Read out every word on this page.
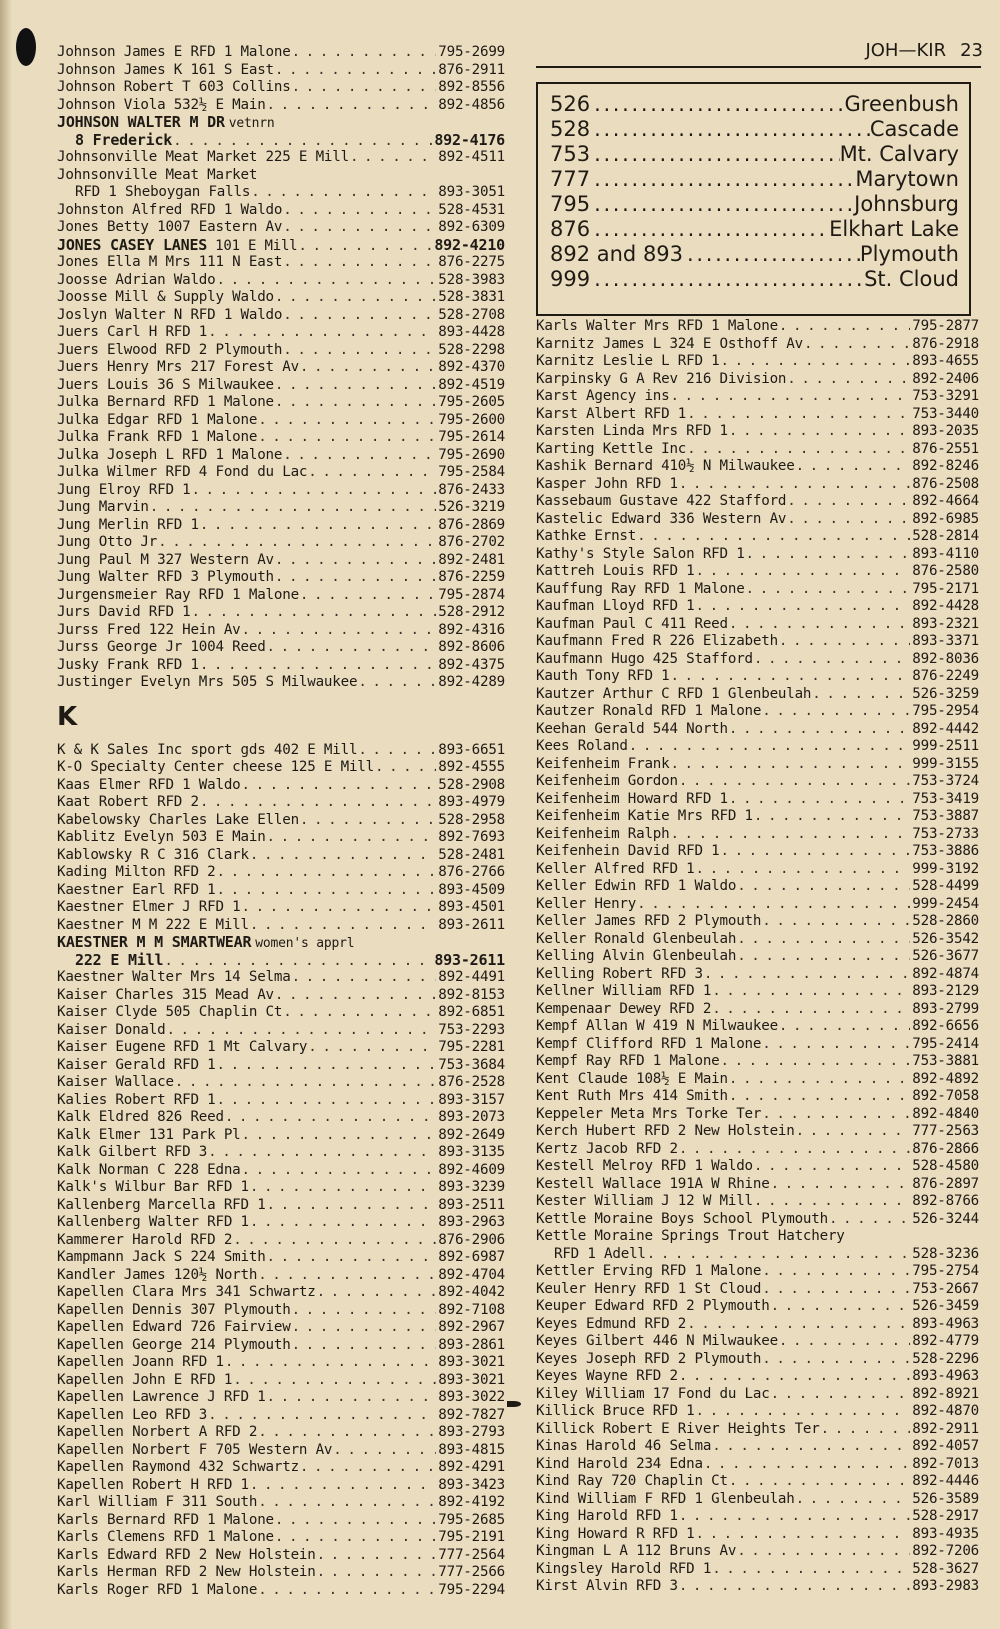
JOH—KIR 23
526 . . .	Greenbush
528 . . .	Cascade
753 . . .	Mt. Calvary
777 . . .	Marytown
795 . . .	Johnsburg
876 . . .	Elkhart Lake
892 and 893 . . .	Plymouth
999 . . .	St. Cloud
Johnson James E RFD 1 Malone . . .	795-2699
Johnson James K 161 S East . . .	876-2911
Johnson Robert T 603 Collins . . .	892-8556
Johnson Viola 532½ E Main . . .	892-4856
JOHNSON WALTER M DR vetnrn
8 Frederick . . .	892-4176
Johnsonville Meat Market 225 E Mill . . .	892-4511
Johnsonville Meat Market
RFD 1 Sheboygan Falls . . .	893-3051
Johnston Alfred RFD 1 Waldo . . .	528-4531
Jones Betty 1007 Eastern Av . . .	892-6309
JONES CASEY LANES 101 E Mill . . .	892-4210
Jones Ella M Mrs 111 N East . . .	876-2275
Joosse Adrian Waldo . . .	528-3983
Joosse Mill & Supply Waldo . . .	528-3831
Joslyn Walter N RFD 1 Waldo . . .	528-2708
Juers Carl H RFD 1 . . .	893-4428
Juers Elwood RFD 2 Plymouth . . .	528-2298
Juers Henry Mrs 217 Forest Av . . .	892-4370
Juers Louis 36 S Milwaukee . . .	892-4519
Julka Bernard RFD 1 Malone . . .	795-2605
Julka Edgar RFD 1 Malone . . .	795-2600
Julka Frank RFD 1 Malone . . .	795-2614
Julka Joseph L RFD 1 Malone . . .	795-2690
Julka Wilmer RFD 4 Fond du Lac . . .	795-2584
Jung Elroy RFD 1 . . .	876-2433
Jung Marvin . . .	526-3219
Jung Merlin RFD 1 . . .	876-2869
Jung Otto Jr . . .	876-2702
Jung Paul M 327 Western Av . . .	892-2481
Jung Walter RFD 3 Plymouth . . .	876-2259
Jurgensmeier Ray RFD 1 Malone . . .	795-2874
Jurs David RFD 1 . . .	528-2912
Jurss Fred 122 Hein Av . . .	892-4316
Jurss George Jr 1004 Reed . . .	892-8606
Jusky Frank RFD 1 . . .	892-4375
Justinger Evelyn Mrs 505 S Milwaukee . . .	892-4289
K
K & K Sales Inc sport gds 402 E Mill . . .	893-6651
K-O Specialty Center cheese 125 E Mill . . .	892-4555
Kaas Elmer RFD 1 Waldo . . .	528-2908
Kaat Robert RFD 2 . . .	893-4979
Kabelowsky Charles Lake Ellen . . .	528-2958
Kablitz Evelyn 503 E Main . . .	892-7693
Kablowsky R C 316 Clark . . .	528-2481
Kading Milton RFD 2 . . .	876-2766
Kaestner Earl RFD 1 . . .	893-4509
Kaestner Elmer J RFD 1 . . .	893-4501
Kaestner M M 222 E Mill . . .	893-2611
KAESTNER M M SMARTWEAR women's apprl
222 E Mill . . .	893-2611
Kaestner Walter Mrs 14 Selma . . .	892-4491
Kaiser Charles 315 Mead Av . . .	892-8153
Kaiser Clyde 505 Chaplin Ct . . .	892-6851
Kaiser Donald . . .	753-2293
Kaiser Eugene RFD 1 Mt Calvary . . .	795-2281
Kaiser Gerald RFD 1 . . .	753-3684
Kaiser Wallace . . .	876-2528
Kalies Robert RFD 1 . . .	893-3157
Kalk Eldred 826 Reed . . .	893-2073
Kalk Elmer 131 Park Pl . . .	892-2649
Kalk Gilbert RFD 3 . . .	893-3135
Kalk Norman C 228 Edna . . .	892-4609
Kalk's Wilbur Bar RFD 1 . . .	893-3239
Kallenberg Marcella RFD 1 . . .	893-2511
Kallenberg Walter RFD 1 . . .	893-2963
Kammerer Harold RFD 2 . . .	876-2906
Kampmann Jack S 224 Smith . . .	892-6987
Kandler James 120½ North . . .	892-4704
Kapellen Clara Mrs 341 Schwartz . . .	892-4042
Kapellen Dennis 307 Plymouth . . .	892-7108
Kapellen Edward 726 Fairview . . .	892-2967
Kapellen George 214 Plymouth . . .	893-2861
Kapellen Joann RFD 1 . . .	893-3021
Kapellen John E RFD 1 . . .	893-3021
Kapellen Lawrence J RFD 1 . . .	893-3022
Kapellen Leo RFD 3 . . .	892-7827
Kapellen Norbert A RFD 2 . . .	893-2793
Kapellen Norbert F 705 Western Av . . .	893-4815
Kapellen Raymond 432 Schwartz . . .	892-4291
Kapellen Robert H RFD 1 . . .	893-3423
Karl William F 311 South . . .	892-4192
Karls Bernard RFD 1 Malone . . .	795-2685
Karls Clemens RFD 1 Malone . . .	795-2191
Karls Edward RFD 2 New Holstein . . .	777-2564
Karls Herman RFD 2 New Holstein . . .	777-2566
Karls Roger RFD 1 Malone . . .	795-2294
Karls Walter Mrs RFD 1 Malone . . .	795-2877
Karnitz James L 324 E Osthoff Av . . .	876-2918
Karnitz Leslie L RFD 1 . . .	893-4655
Karpinsky G A Rev 216 Division . . .	892-2406
Karst Agency ins . . .	753-3291
Karst Albert RFD 1 . . .	753-3440
Karsten Linda Mrs RFD 1 . . .	893-2035
Karting Kettle Inc . . .	876-2551
Kashik Bernard 410½ N Milwaukee . . .	892-8246
Kasper John RFD 1 . . .	876-2508
Kassebaum Gustave 422 Stafford . . .	892-4664
Kastelic Edward 336 Western Av . . .	892-6985
Kathke Ernst . . .	528-2814
Kathy's Style Salon RFD 1 . . .	893-4110
Kattreh Louis RFD 1 . . .	876-2580
Kauffung Ray RFD 1 Malone . . .	795-2171
Kaufman Lloyd RFD 1 . . .	892-4428
Kaufman Paul C 411 Reed . . .	893-2321
Kaufmann Fred R 226 Elizabeth . . .	893-3371
Kaufmann Hugo 425 Stafford . . .	892-8036
Kauth Tony RFD 1 . . .	876-2249
Kautzer Arthur C RFD 1 Glenbeulah . . .	526-3259
Kautzer Ronald RFD 1 Malone . . .	795-2954
Keehan Gerald 544 North . . .	892-4442
Kees Roland . . .	999-2511
Keifenheim Frank . . .	999-3155
Keifenheim Gordon . . .	753-3724
Keifenheim Howard RFD 1 . . .	753-3419
Keifenheim Katie Mrs RFD 1 . . .	753-3887
Keifenheim Ralph . . .	753-2733
Keifenhein David RFD 1 . . .	753-3886
Keller Alfred RFD 1 . . .	999-3192
Keller Edwin RFD 1 Waldo . . .	528-4499
Keller Henry . . .	999-2454
Keller James RFD 2 Plymouth . . .	528-2860
Keller Ronald Glenbeulah . . .	526-3542
Kelling Alvin Glenbeulah . . .	526-3677
Kelling Robert RFD 3 . . .	892-4874
Kellner William RFD 1 . . .	893-2129
Kempenaar Dewey RFD 2 . . .	893-2799
Kempf Allan W 419 N Milwaukee . . .	892-6656
Kempf Clifford RFD 1 Malone . . .	795-2414
Kempf Ray RFD 1 Malone . . .	753-3881
Kent Claude 108½ E Main . . .	892-4892
Kent Ruth Mrs 414 Smith . . .	892-7058
Keppeler Meta Mrs Torke Ter . . .	892-4840
Kerch Hubert RFD 2 New Holstein . . .	777-2563
Kertz Jacob RFD 2 . . .	876-2866
Kestell Melroy RFD 1 Waldo . . .	528-4580
Kestell Wallace 191A W Rhine . . .	876-2897
Kester William J 12 W Mill . . .	892-8766
Kettle Moraine Boys School Plymouth . . .	526-3244
Kettle Moraine Springs Trout Hatchery
RFD 1 Adell . . .	528-3236
Kettler Erving RFD 1 Malone . . .	795-2754
Keuler Henry RFD 1 St Cloud . . .	753-2667
Keuper Edward RFD 2 Plymouth . . .	526-3459
Keyes Edmund RFD 2 . . .	893-4963
Keyes Gilbert 446 N Milwaukee . . .	892-4779
Keyes Joseph RFD 2 Plymouth . . .	528-2296
Keyes Wayne RFD 2 . . .	893-4963
Kiley William 17 Fond du Lac . . .	892-8921
Killick Bruce RFD 1 . . .	892-4870
Killick Robert E River Heights Ter . . .	892-2911
Kinas Harold 46 Selma . . .	892-4057
Kind Harold 234 Edna . . .	892-7013
Kind Ray 720 Chaplin Ct . . .	892-4446
Kind William F RFD 1 Glenbeulah . . .	526-3589
King Harold RFD 1 . . .	528-2917
King Howard R RFD 1 . . .	893-4935
Kingman L A 112 Bruns Av . . .	892-7206
Kingsley Harold RFD 1 . . .	528-3627
Kirst Alvin RFD 3 . . .	893-2983
